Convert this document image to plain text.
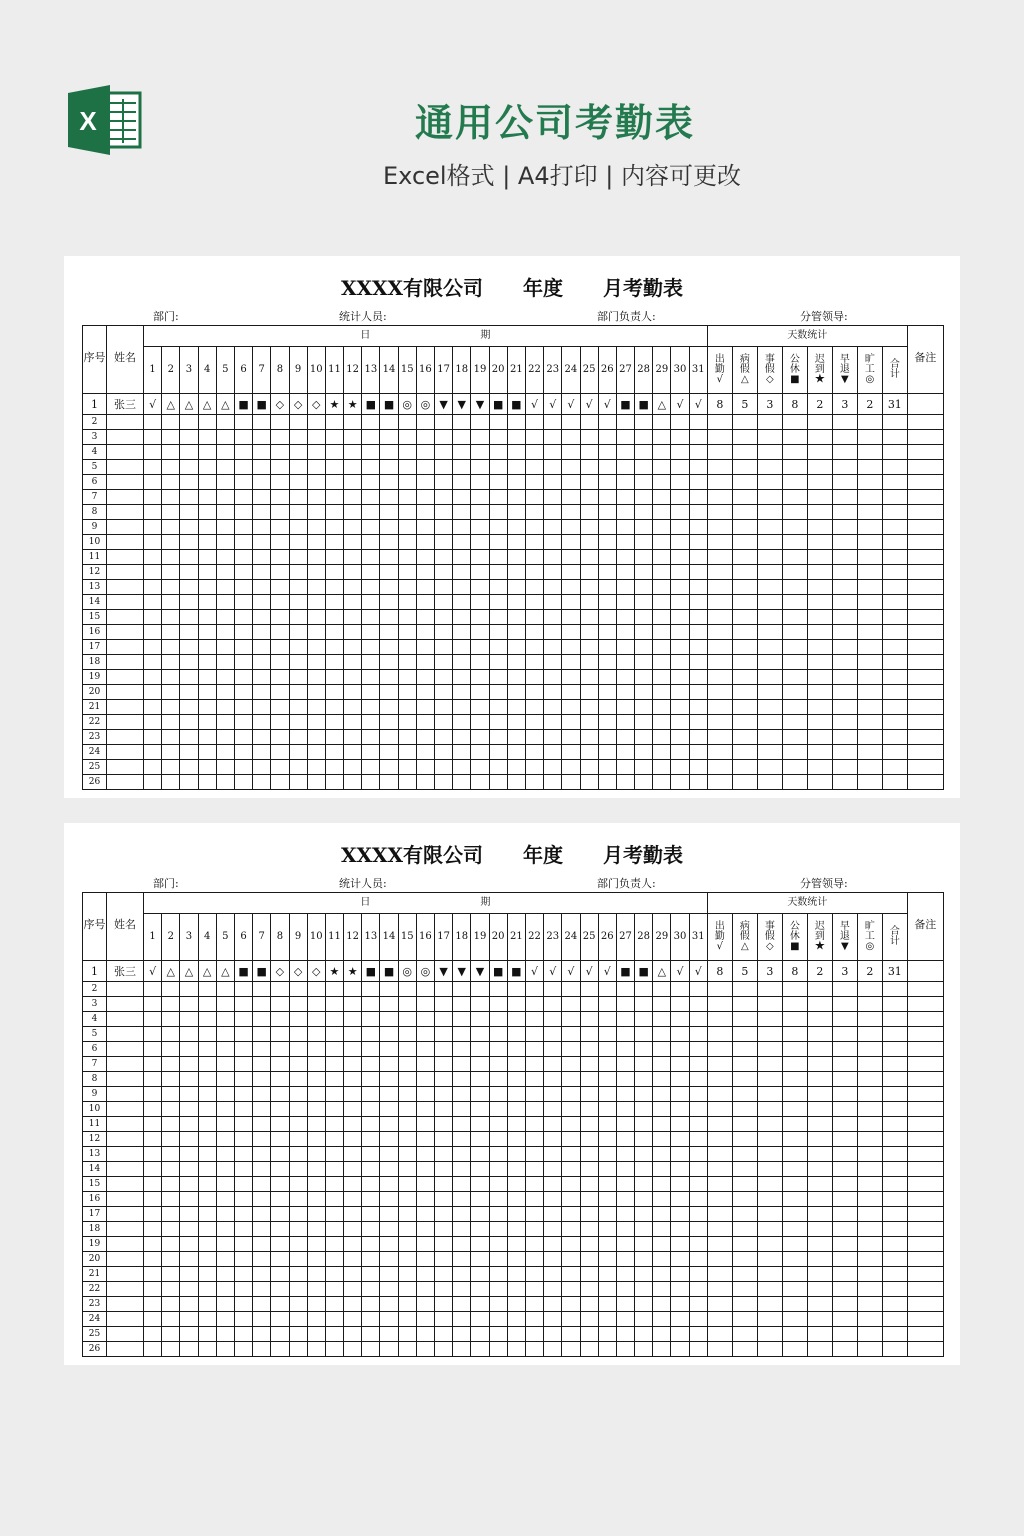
X	通用公司考勤表
Excel格式 | A4打印 | 内容可更改
XXXX有限公司　　年度　　月考勤表
部门:	统计人员:	部门负责人:	分管领导:
序号	姓名	日　　　　　　　　　　　期																															天数统计								备注
		1	2	3	4	5	6	7	8	9	10	11	12	13	14	15	16	17	18	19	20	21	22	23	24	25	26	27	28	29	30	31	出勤√	病假△	事假◇	公休■	迟到★	早退▼	旷工◎	合计	

1	张三	√	△	△	△	△	■	■	◇	◇	◇	★	★	■	■	◎	◎	▼	▼	▼	■	■	√	√	√	√	√	■	■	△	√	√	8	5	3	8	2	3	2	31	
2																																									
3																																									
4																																									
5																																									
6																																									
7																																									
8																																									
9																																									
10																																									
11																																									
12																																									
13																																									
14																																									
15																																									
16																																									
17																																									
18																																									
19																																									
20																																									
21																																									
22																																									
23																																									
24																																									
25																																									
26																																									
XXXX有限公司　　年度　　月考勤表
部门:	统计人员:	部门负责人:	分管领导:
序号	姓名	日　　　　　　　　　　　期																															天数统计								备注
		1	2	3	4	5	6	7	8	9	10	11	12	13	14	15	16	17	18	19	20	21	22	23	24	25	26	27	28	29	30	31	出勤√	病假△	事假◇	公休■	迟到★	早退▼	旷工◎	合计	

1	张三	√	△	△	△	△	■	■	◇	◇	◇	★	★	■	■	◎	◎	▼	▼	▼	■	■	√	√	√	√	√	■	■	△	√	√	8	5	3	8	2	3	2	31	
2																																									
3																																									
4																																									
5																																									
6																																									
7																																									
8																																									
9																																									
10																																									
11																																									
12																																									
13																																									
14																																									
15																																									
16																																									
17																																									
18																																									
19																																									
20																																									
21																																									
22																																									
23																																									
24																																									
25																																									
26																																									
